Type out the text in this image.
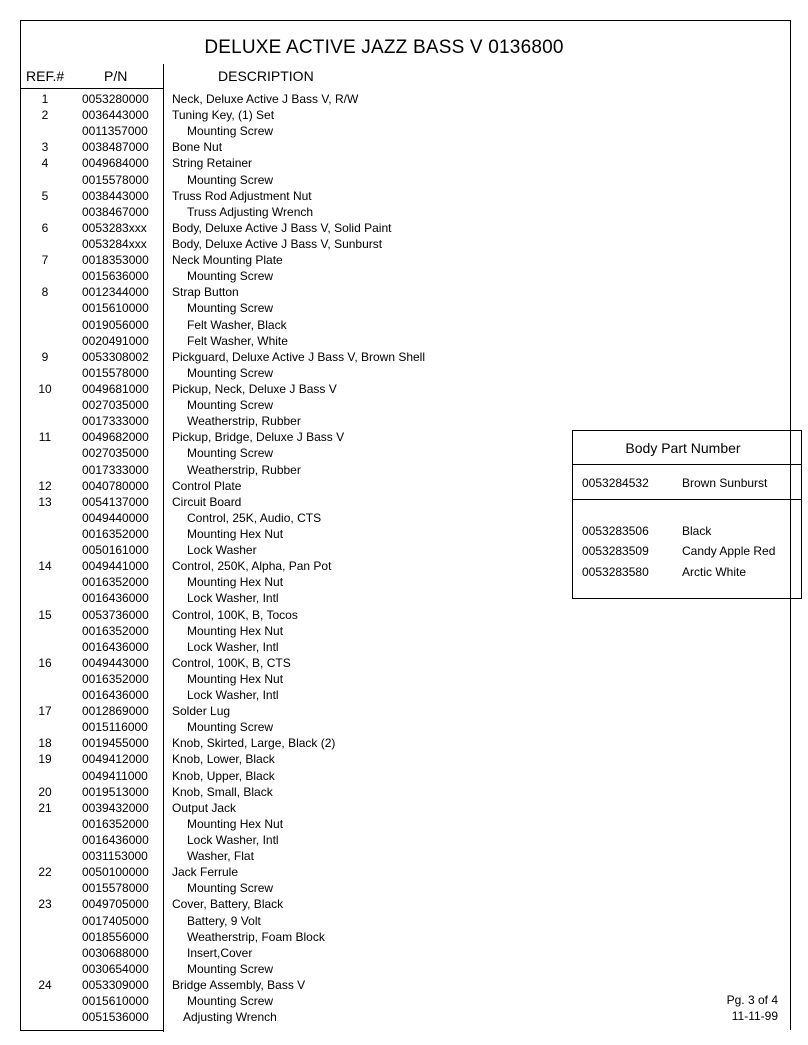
DELUXE ACTIVE JAZZ BASS V 0136800
REF.#	P/N	DESCRIPTION
1	0053280000 Neck, Deluxe Active J Bass V, R/W
2	0036443000 Tuning Key, (1) Set
0011357000	Mounting Screw
3	0038487000 Bone Nut
4	0049684000 String Retainer
0015578000	Mounting Screw
5	0038443000 Truss Rod Adjustment Nut
0038467000	Truss Adjusting Wrench
6	0053283xxx Body, Deluxe Active J Bass V, Solid Paint
0053284xxx Body, Deluxe Active J Bass V, Sunburst
7	0018353000 Neck Mounting Plate
0015636000	Mounting Screw
8	0012344000 Strap Button
0015610000	Mounting Screw
0019056000	Felt Washer, Black
0020491000	Felt Washer, White
9	0053308002 Pickguard, Deluxe Active J Bass V, Brown Shell
0015578000	Mounting Screw
10	0049681000 Pickup, Neck, Deluxe J Bass V
0027035000	Mounting Screw
0017333000	Weatherstrip, Rubber
11	0049682000 Pickup, Bridge, Deluxe J Bass V
0027035000	Mounting Screw
0017333000	Weatherstrip, Rubber
12	0040780000 Control Plate
13	0054137000 Circuit Board
0049440000	Control, 25K, Audio, CTS
0016352000	Mounting Hex Nut
0050161000	Lock Washer
14	0049441000 Control, 250K, Alpha, Pan Pot
0016352000	Mounting Hex Nut
0016436000	Lock Washer, Intl
15	0053736000 Control, 100K, B, Tocos
0016352000	Mounting Hex Nut
0016436000	Lock Washer, Intl
16	0049443000 Control, 100K, B, CTS
0016352000	Mounting Hex Nut
0016436000	Lock Washer, Intl
17	0012869000 Solder Lug
0015116000	Mounting Screw
18	0019455000 Knob, Skirted, Large, Black (2)
19	0049412000 Knob, Lower, Black
0049411000 Knob, Upper, Black
20	0019513000 Knob, Small, Black
21	0039432000 Output Jack
0016352000	Mounting Hex Nut
0016436000	Lock Washer, Intl
0031153000	Washer, Flat
22	0050100000 Jack Ferrule
0015578000	Mounting Screw
23	0049705000 Cover, Battery, Black
0017405000	Battery, 9 Volt
0018556000	Weatherstrip, Foam Block
0030688000	Insert,Cover
0030654000	Mounting Screw
24	0053309000 Bridge Assembly, Bass V
0015610000	Mounting Screw
0051536000	Adjusting Wrench
Body Part Number
0053284532	Brown Sunburst
0053283506	Black
0053283509	Candy Apple Red
0053283580	Arctic White
Pg. 3 of 4
11-11-99
